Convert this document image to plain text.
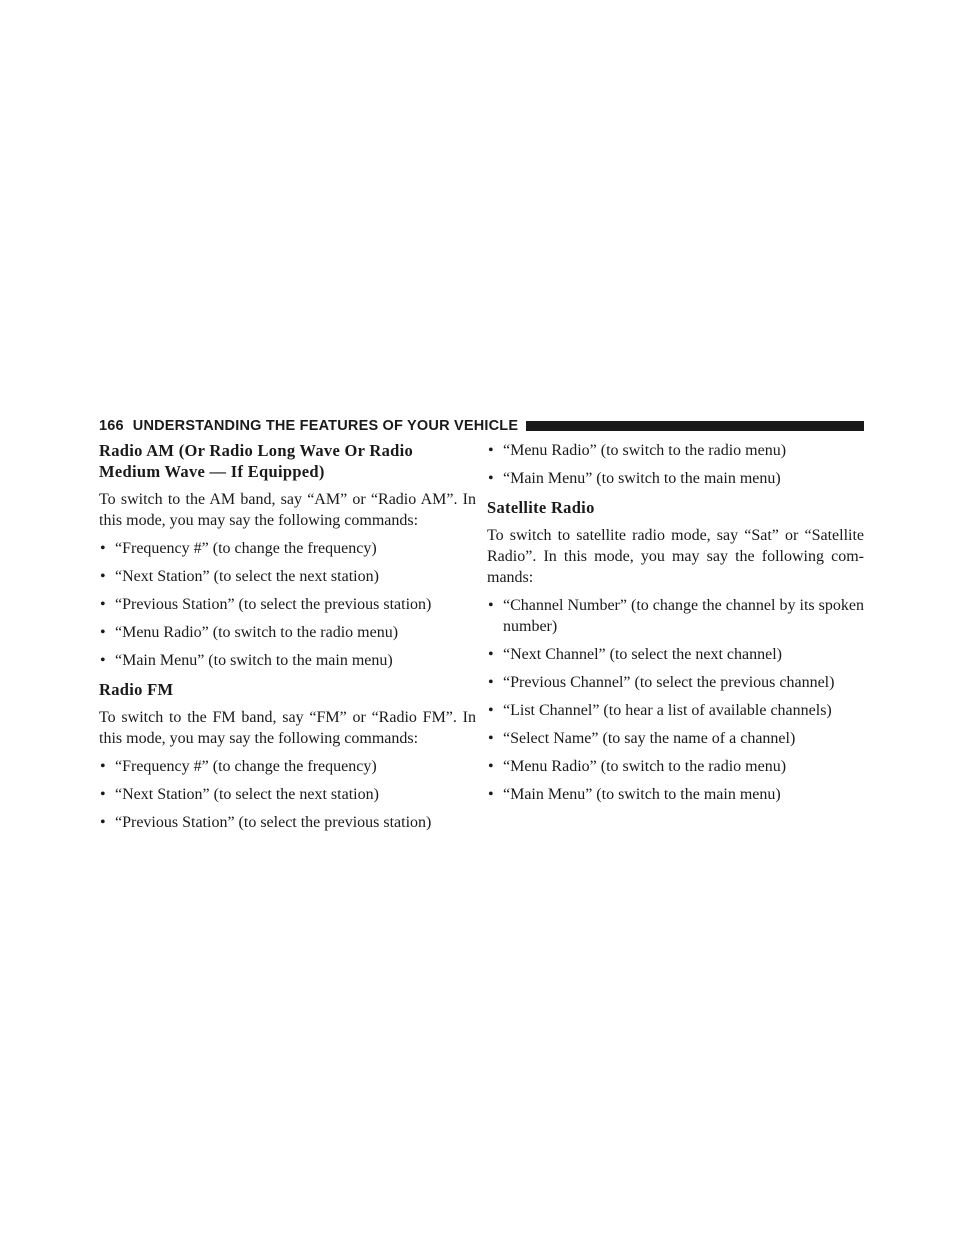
166 UNDERSTANDING THE FEATURES OF YOUR VEHICLE
Radio AM (Or Radio Long Wave Or Radio Medium Wave — If Equipped)

To switch to the AM band, say “AM” or “Radio AM”. In this mode, you may say the following commands:

• “Frequency #” (to change the frequency)
• “Next Station” (to select the next station)
• “Previous Station” (to select the previous station)
• “Menu Radio” (to switch to the radio menu)
• “Main Menu” (to switch to the main menu)
Radio FM

To switch to the FM band, say “FM” or “Radio FM”. In this mode, you may say the following commands:

• “Frequency #” (to change the frequency)
• “Next Station” (to select the next station)
• “Previous Station” (to select the previous station)
• “Menu Radio” (to switch to the radio menu)
• “Main Menu” (to switch to the main menu)
Satellite Radio

To switch to satellite radio mode, say “Sat” or “Satellite Radio”. In this mode, you may say the following com-mands:

• “Channel Number” (to change the channel by its spoken number)
• “Next Channel” (to select the next channel)
• “Previous Channel” (to select the previous channel)
• “List Channel” (to hear a list of available channels)
• “Select Name” (to say the name of a channel)
• “Menu Radio” (to switch to the radio menu)
• “Main Menu” (to switch to the main menu)
